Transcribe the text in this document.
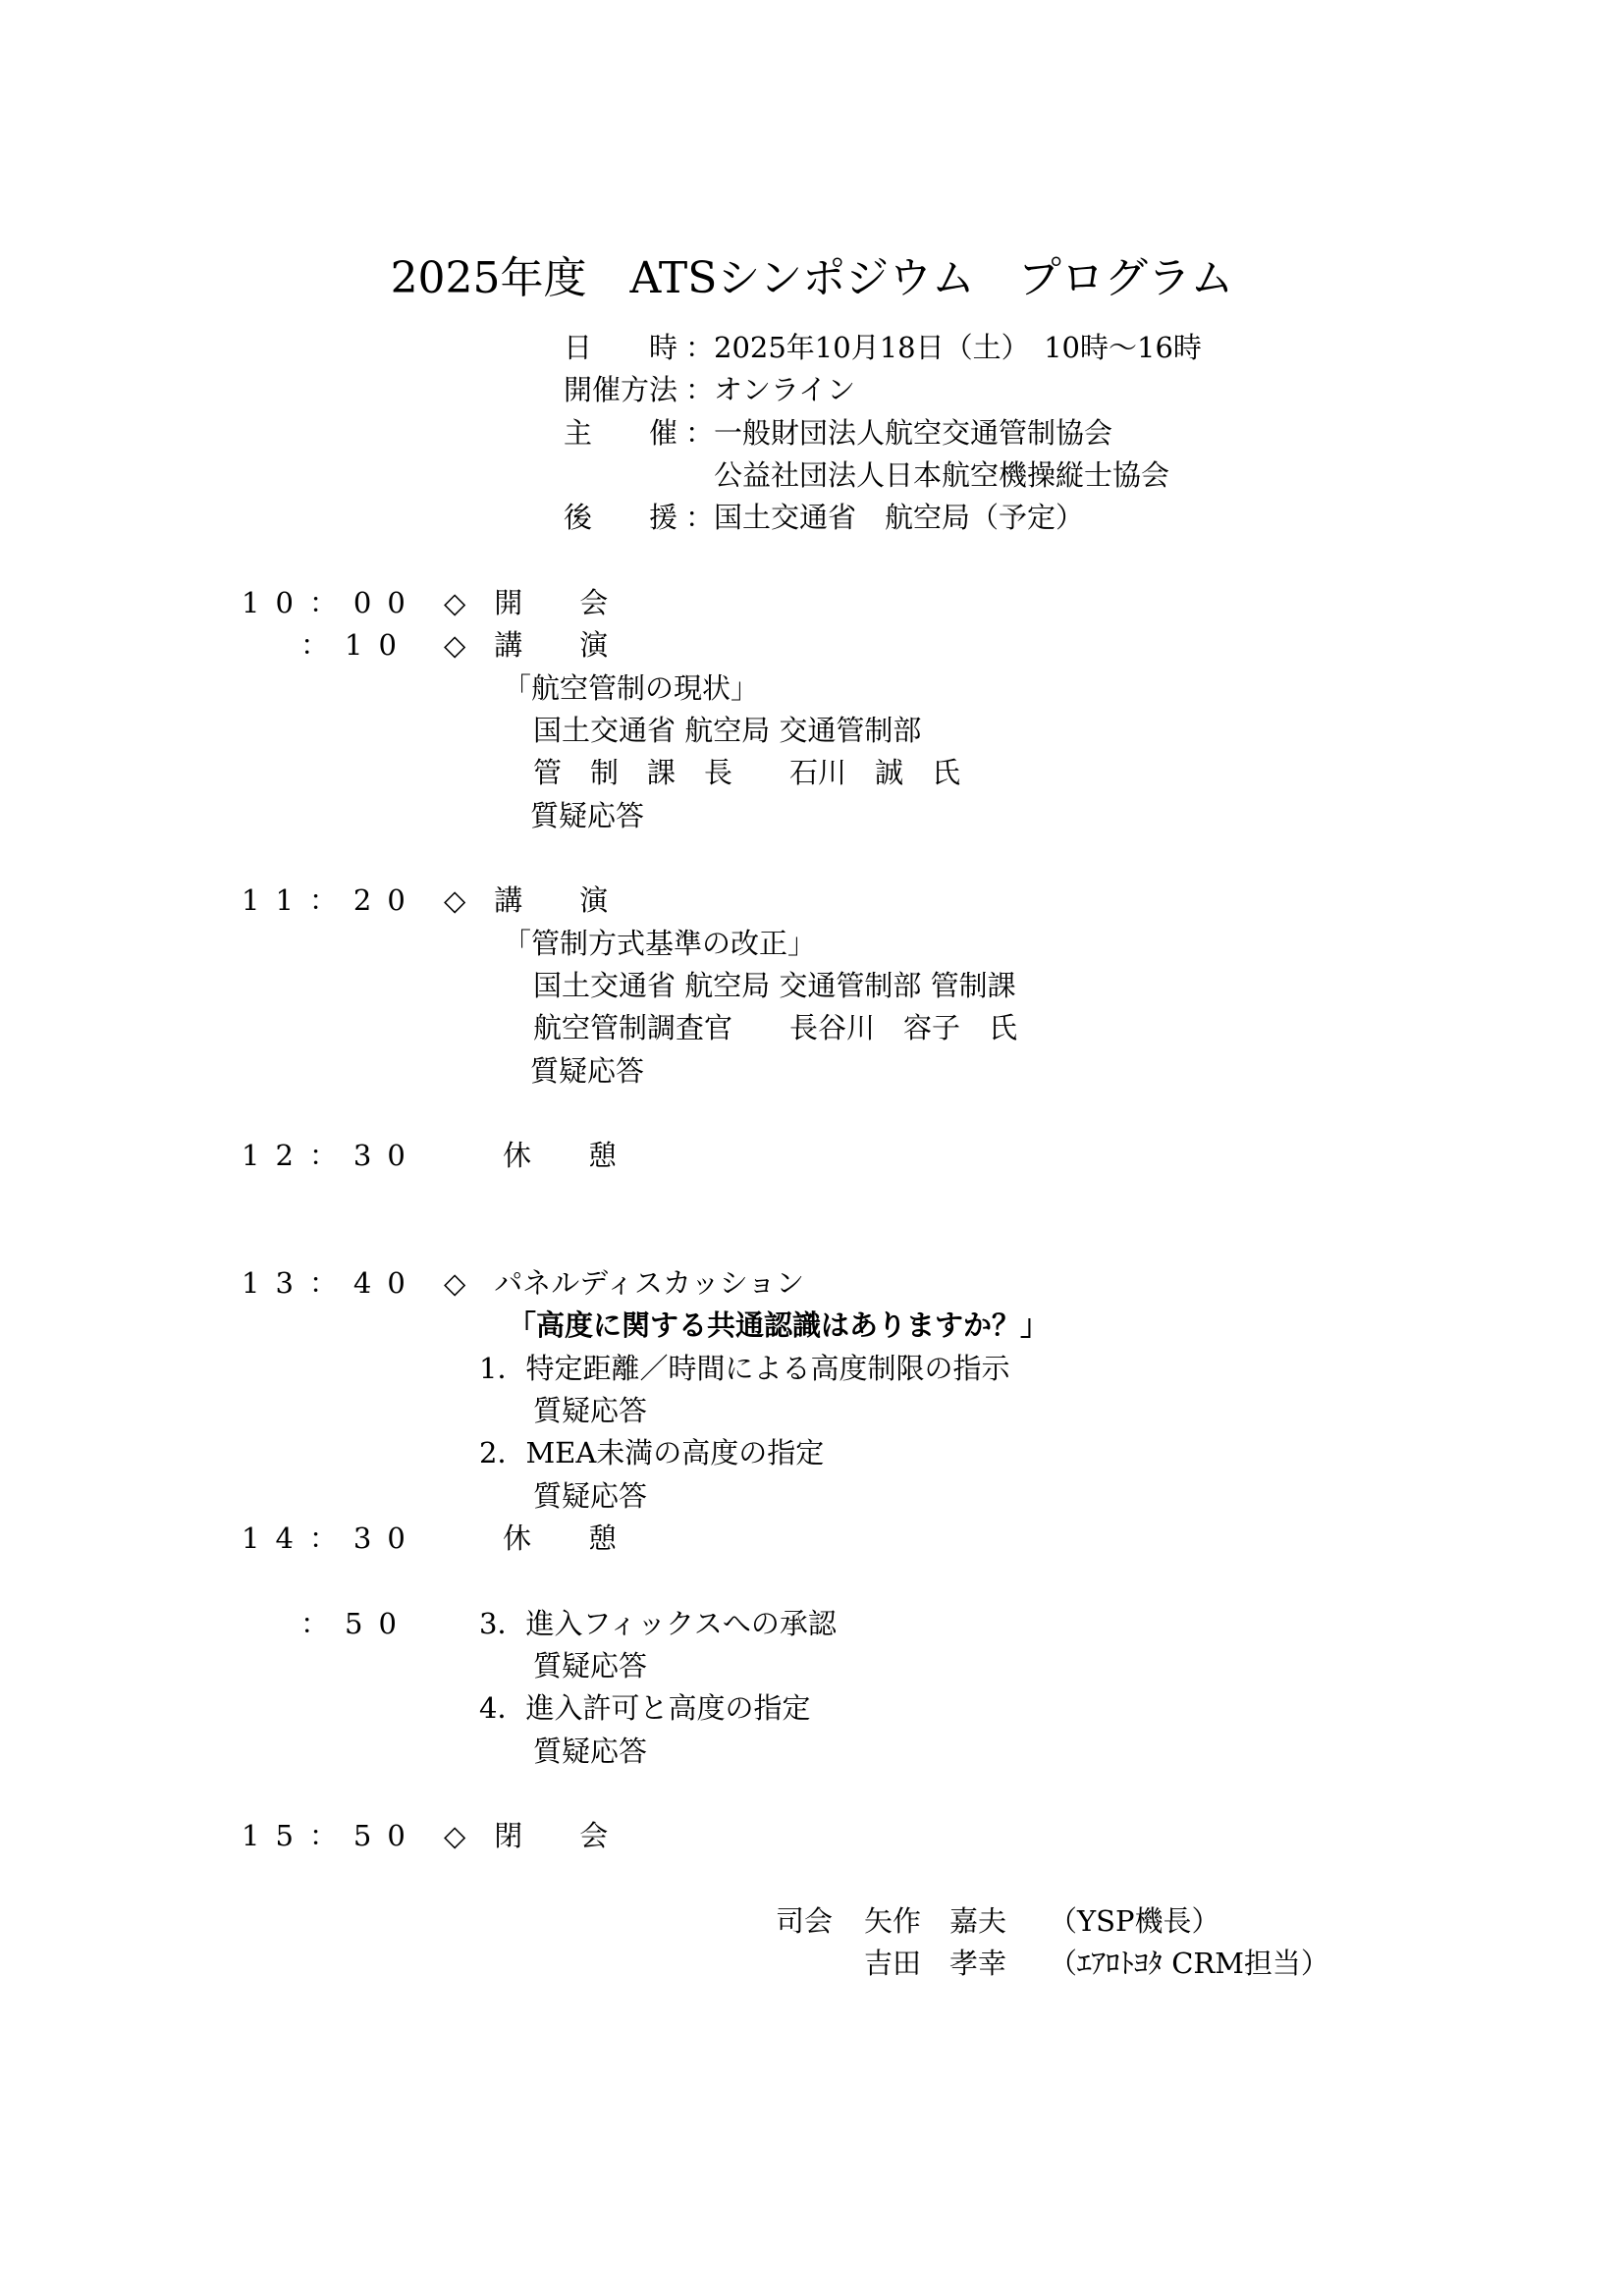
2025年度　ATSシンポジウム　プログラム
日　　時 ： 2025年10月18日（土）　10時〜16時
開催方法 ： オンライン
主　　催 ： 一般財団法人航空交通管制協会
公益社団法人日本航空機操縦士協会
後　　援 ： 国土交通省　航空局（予定）
10：00 ◇　開　　会
：10 ◇　講　　演
「航空管制の現状」
国土交通省 航空局 交通管制部
管　制　課　長　　石川　誠　氏
質疑応答
11：20 ◇　講　　演
「管制方式基準の改正」
国土交通省 航空局 交通管制部 管制課
航空管制調査官　　長谷川　容子　氏
質疑応答
12：30	休　　憩
13：40 ◇　パネルディスカッション
「高度に関する共通認識はありますか？」
1．特定距離／時間による高度制限の指示
質疑応答
2．MEA未満の高度の指定
質疑応答
14：30	休　　憩
：50 3．進入フィックスへの承認
質疑応答
4．進入許可と高度の指定
質疑応答
15：50 ◇　閉　　会
司会 矢作　嘉夫 （YSP機長）
吉田　孝幸 （ｴｱﾛﾄﾖﾀ CRM担当）
